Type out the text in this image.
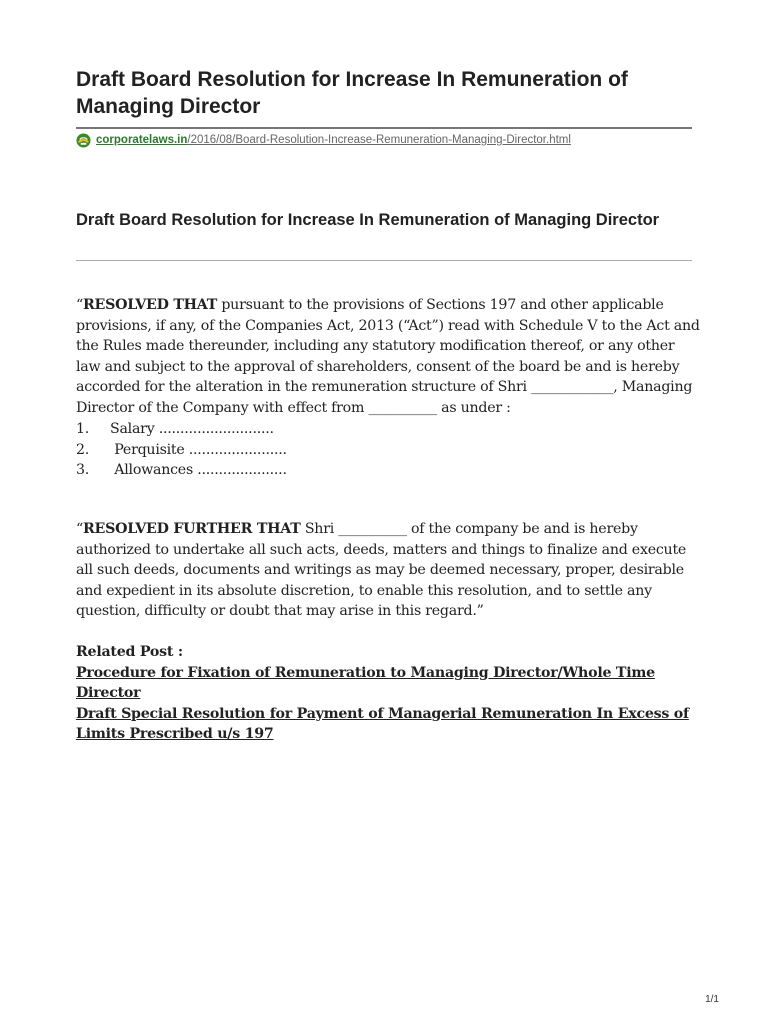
Draft Board Resolution for Increase In Remuneration of Managing Director
corporatelaws.in /2016/08/Board-Resolution-Increase-Remuneration-Managing-Director.html
Draft Board Resolution for Increase In Remuneration of Managing Director
“RESOLVED THAT pursuant to the provisions of Sections 197 and other applicable provisions, if any, of the Companies Act, 2013 (“Act”) read with Schedule V to the Act and the Rules made thereunder, including any statutory modification thereof, or any other law and subject to the approval of shareholders, consent of the board be and is hereby accorded for the alteration in the remuneration structure of Shri ____________, Managing Director of the Company with effect from __________ as under :
1.	Salary ...........................
2.	Perquisite .......................
3.	Allowances .....................
“RESOLVED FURTHER THAT Shri __________ of the company be and is hereby authorized to undertake all such acts, deeds, matters and things to finalize and execute all such deeds, documents and writings as may be deemed necessary, proper, desirable and expedient in its absolute discretion, to enable this resolution, and to settle any question, difficulty or doubt that may arise in this regard.”
Related Post :
Procedure for Fixation of Remuneration to Managing Director/Whole Time Director
Draft Special Resolution for Payment of Managerial Remuneration In Excess of Limits Prescribed u/s 197
1/1
